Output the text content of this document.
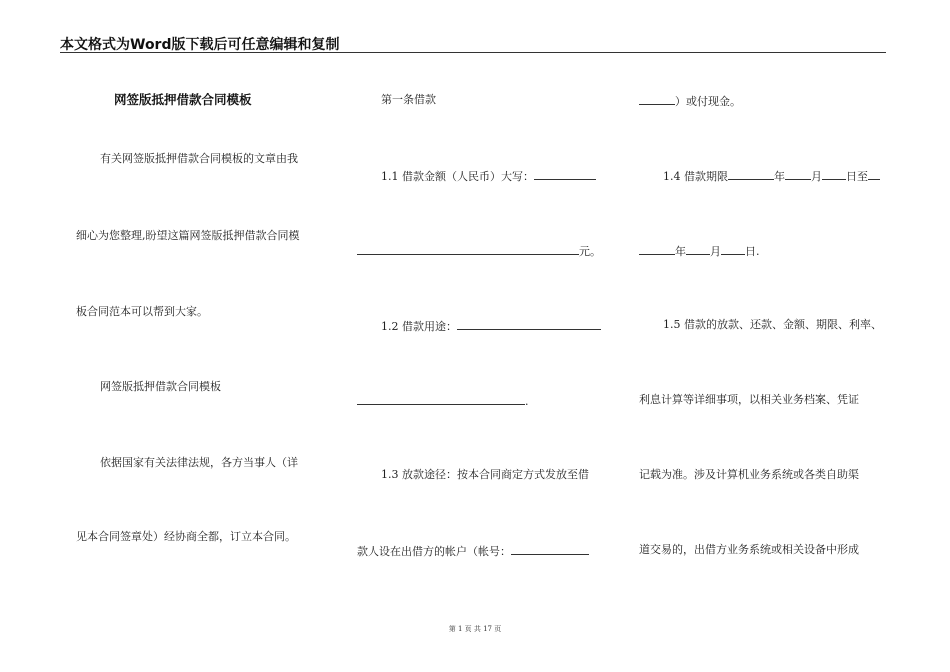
本文格式为Word版下载后可任意编辑和复制
网签版抵押借款合同模板
有关网签版抵押借款合同模板的文章由我
细心为您整理,盼望这篇网签版抵押借款合同模
板合同范本可以帮到大家。
网签版抵押借款合同模板
依据国家有关法律法规，各方当事人（详
见本合同签章处）经协商全都，订立本合同。
第一条借款
1.1 借款金额（人民币）大写：
元。
1.2 借款用途：
.
1.3 放款途径：按本合同商定方式发放至借
款人设在出借方的帐户（帐号：
）或付现金。
1.4 借款期限	年 月 日至
年 月 日.
1.5 借款的放款、还款、金额、期限、利率、
利息计算等详细事项，以相关业务档案、凭证
记载为准。涉及计算机业务系统或各类自助渠
道交易的，出借方业务系统或相关设备中形成
第 1 页 共 17 页
